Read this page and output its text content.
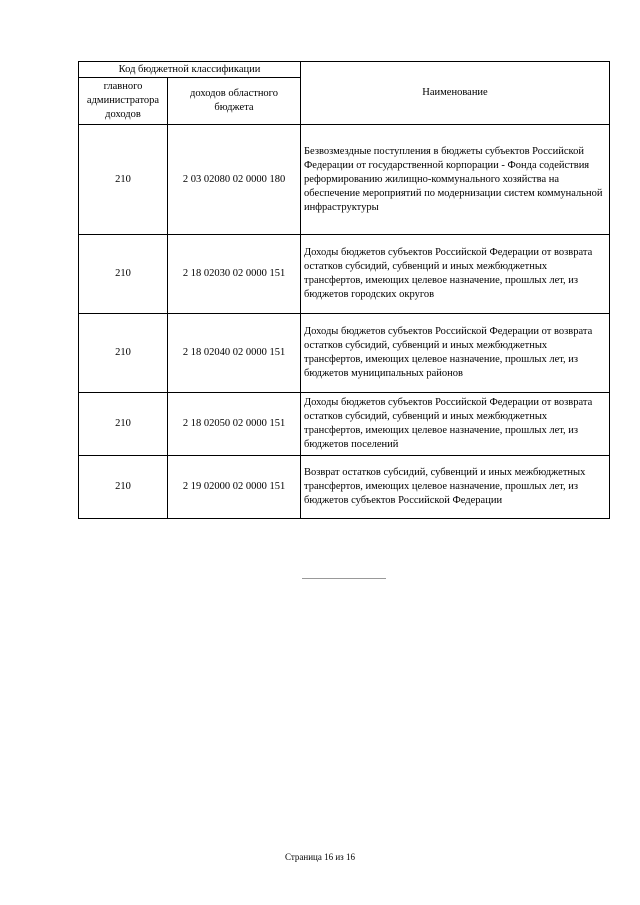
Код бюджетной классификации		Наименование
главного администратора доходов	доходов областного бюджета	
210	2 03 02080 02 0000 180	Безвозмездные поступления в бюджеты субъектов Российской Федерации от государственной корпорации - Фонда содействия реформированию жилищно-коммунального хозяйства на обеспечение мероприятий по модернизации систем коммунальной инфраструктуры
210	2 18 02030 02 0000 151	Доходы бюджетов субъектов Российской Федерации от возврата остатков субсидий, субвенций и иных межбюджетных трансфертов, имеющих целевое назначение, прошлых лет, из бюджетов городских округов
210	2 18 02040 02 0000 151	Доходы бюджетов субъектов Российской Федерации от возврата остатков субсидий, субвенций и иных межбюджетных трансфертов, имеющих целевое назначение, прошлых лет, из бюджетов муниципальных районов
210	2 18 02050 02 0000 151	Доходы бюджетов субъектов Российской Федерации от возврата остатков субсидий, субвенций и иных межбюджетных трансфертов, имеющих целевое назначение, прошлых лет, из бюджетов поселений
210	2 19 02000 02 0000 151	Возврат остатков субсидий, субвенций и иных межбюджетных трансфертов, имеющих целевое назначение, прошлых лет, из бюджетов субъектов Российской Федерации
Страница 16 из 16
